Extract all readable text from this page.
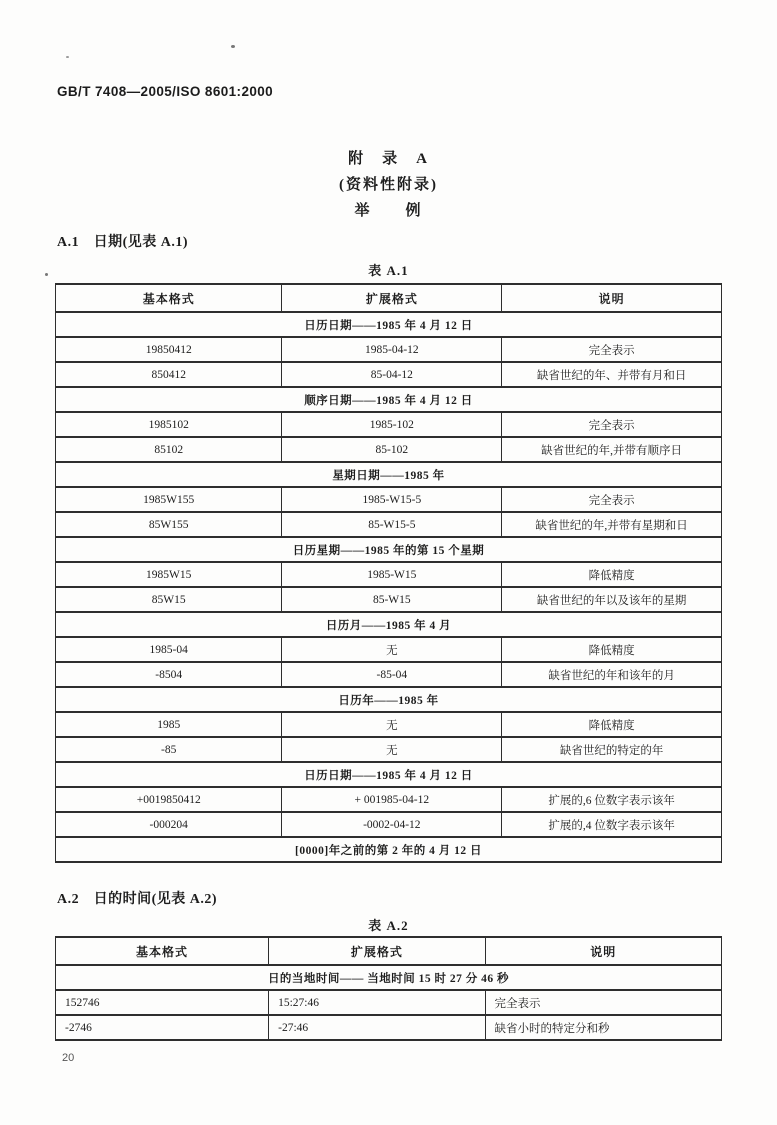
GB/T 7408—2005/ISO 8601:2000
附　录　A
(资料性附录)
举　　例
A.1　日期(见表 A.1)
表 A.1
基本格式	扩展格式	说明
日历日期——1985 年 4 月 12 日		
19850412	1985-04-12	完全表示
850412	85-04-12	缺省世纪的年、并带有月和日
顺序日期——1985 年 4 月 12 日		
1985102	1985-102	完全表示
85102	85-102	缺省世纪的年,并带有顺序日
星期日期——1985 年		
1985W155	1985-W15-5	完全表示
85W155	85-W15-5	缺省世纪的年,并带有星期和日
日历星期——1985 年的第 15 个星期		
1985W15	1985-W15	降低精度
85W15	85-W15	缺省世纪的年以及该年的星期
日历月——1985 年 4 月		
1985-04	无	降低精度
-8504	-85-04	缺省世纪的年和该年的月
日历年——1985 年		
1985	无	降低精度
-85	无	缺省世纪的特定的年
日历日期——1985 年 4 月 12 日		
+0019850412	+ 001985-04-12	扩展的,6 位数字表示该年
-000204	-0002-04-12	扩展的,4 位数字表示该年
[0000]年之前的第 2 年的 4 月 12 日		
A.2　日的时间(见表 A.2)
表 A.2
基本格式	扩展格式	说明
日的当地时间—— 当地时间 15 时 27 分 46 秒		
152746	15:27:46	完全表示
-2746	-27:46	缺省小时的特定分和秒
20
